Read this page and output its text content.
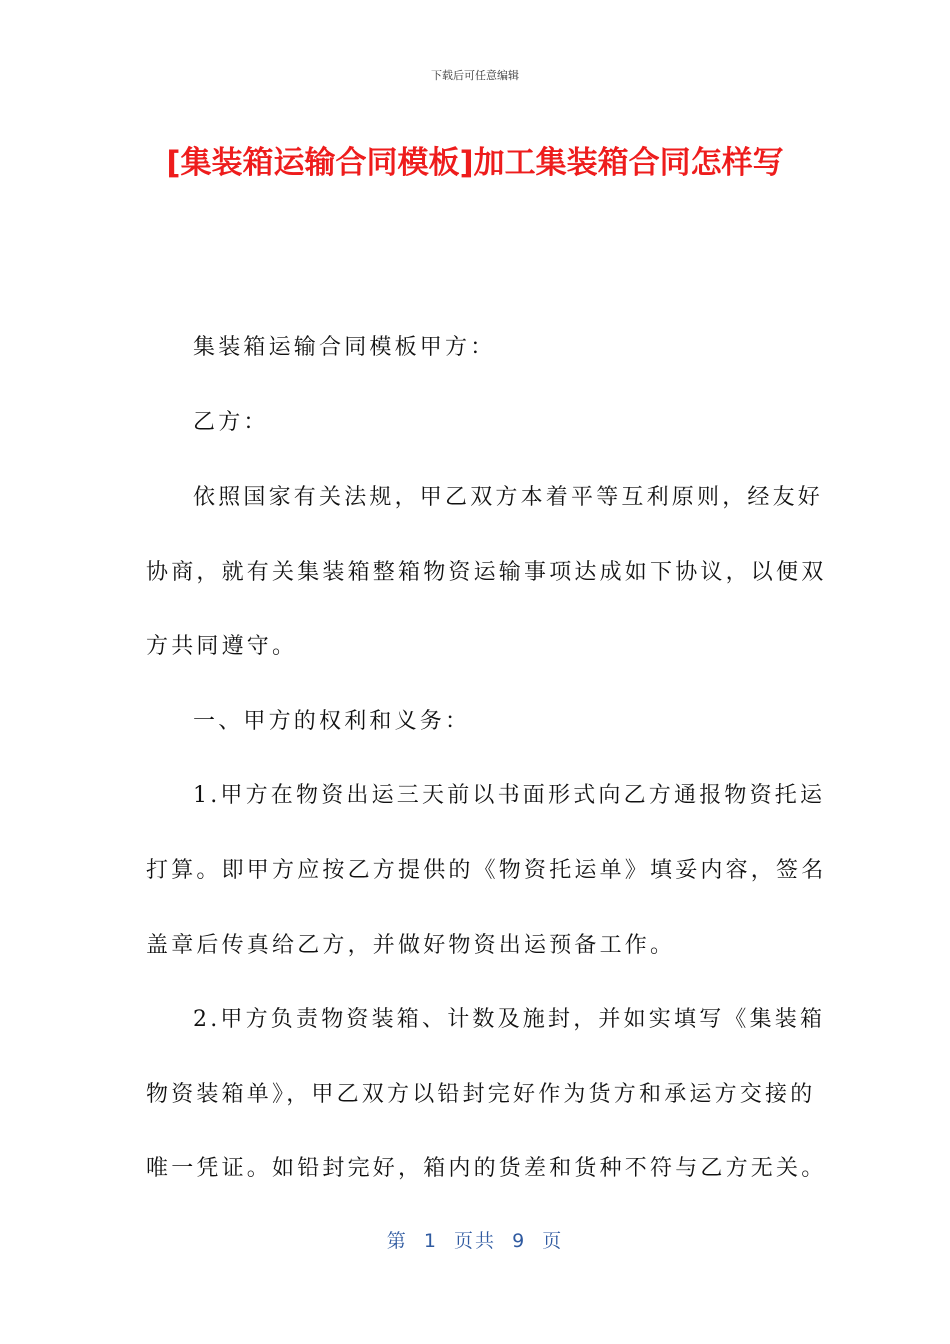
下载后可任意编辑
[集装箱运输合同模板]加工集装箱合同怎样写
集装箱运输合同模板甲方：
乙方：
依照国家有关法规，甲乙双方本着平等互利原则，经友好
协商，就有关集装箱整箱物资运输事项达成如下协议，以便双
方共同遵守。
一、甲方的权利和义务：
1.甲方在物资出运三天前以书面形式向乙方通报物资托运
打算。即甲方应按乙方提供的《物资托运单》填妥内容，签名
盖章后传真给乙方，并做好物资出运预备工作。
2.甲方负责物资装箱、计数及施封，并如实填写《集装箱
物资装箱单》，甲乙双方以铅封完好作为货方和承运方交接的
唯一凭证。如铅封完好，箱内的货差和货种不符与乙方无关。
第  1  页共  9  页
